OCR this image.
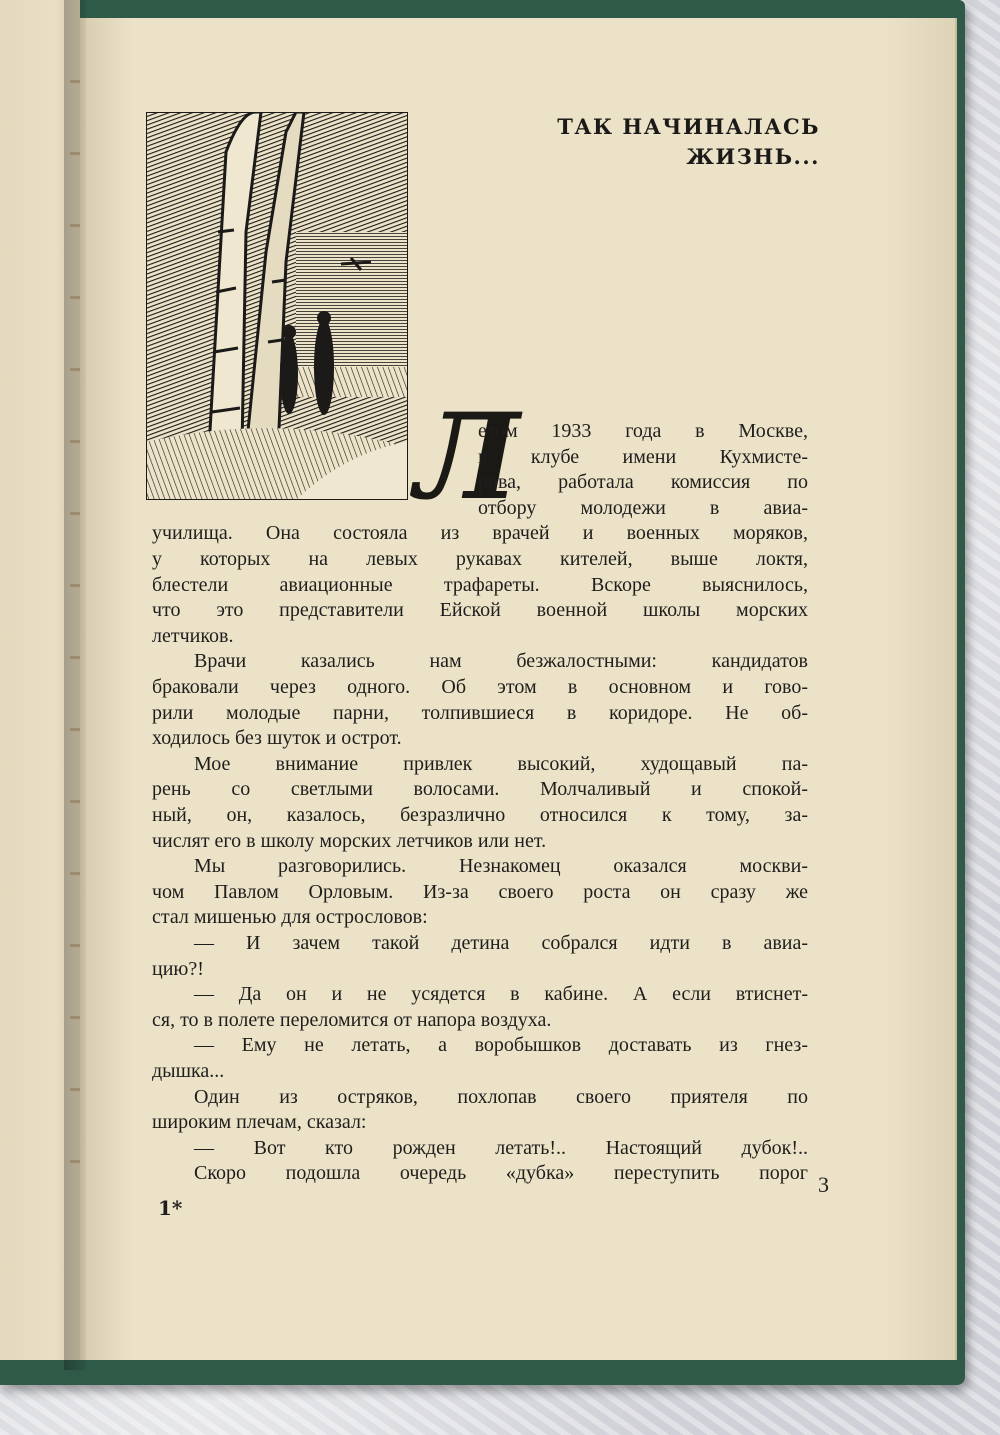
ТАК НАЧИНАЛАСЬ
ЖИЗНЬ...
Л
етом 1933 года в Москве,
в клубе имени Кухмисте-
рова, работала комиссия по
отбору молодежи в авиа-
училища. Она состояла из врачей и военных моряков,
у которых на левых рукавах кителей, выше локтя,
блестели авиационные трафареты. Вскоре выяснилось,
что это представители Ейской военной школы морских
летчиков.
Врачи казались нам безжалостными: кандидатов
браковали через одного. Об этом в основном и гово-
рили молодые парни, толпившиеся в коридоре. Не об-
ходилось без шуток и острот.
Мое внимание привлек высокий, худощавый па-
рень со светлыми волосами. Молчаливый и спокой-
ный, он, казалось, безразлично относился к тому, за-
числят его в школу морских летчиков или нет.
Мы разговорились. Незнакомец оказался москви-
чом Павлом Орловым. Из-за своего роста он сразу же
стал мишенью для острословов:
— И зачем такой детина собрался идти в авиа-
цию?!
— Да он и не усядется в кабине. А если втиснет-
ся, то в полете переломится от напора воздуха.
— Ему не летать, а воробышков доставать из гнез-
дышка...
Один из остряков, похлопав своего приятеля по
широким плечам, сказал:
— Вот кто рожден летать!.. Настоящий дубок!..
Скоро подошла очередь «дубка» переступить порог
1*
3
